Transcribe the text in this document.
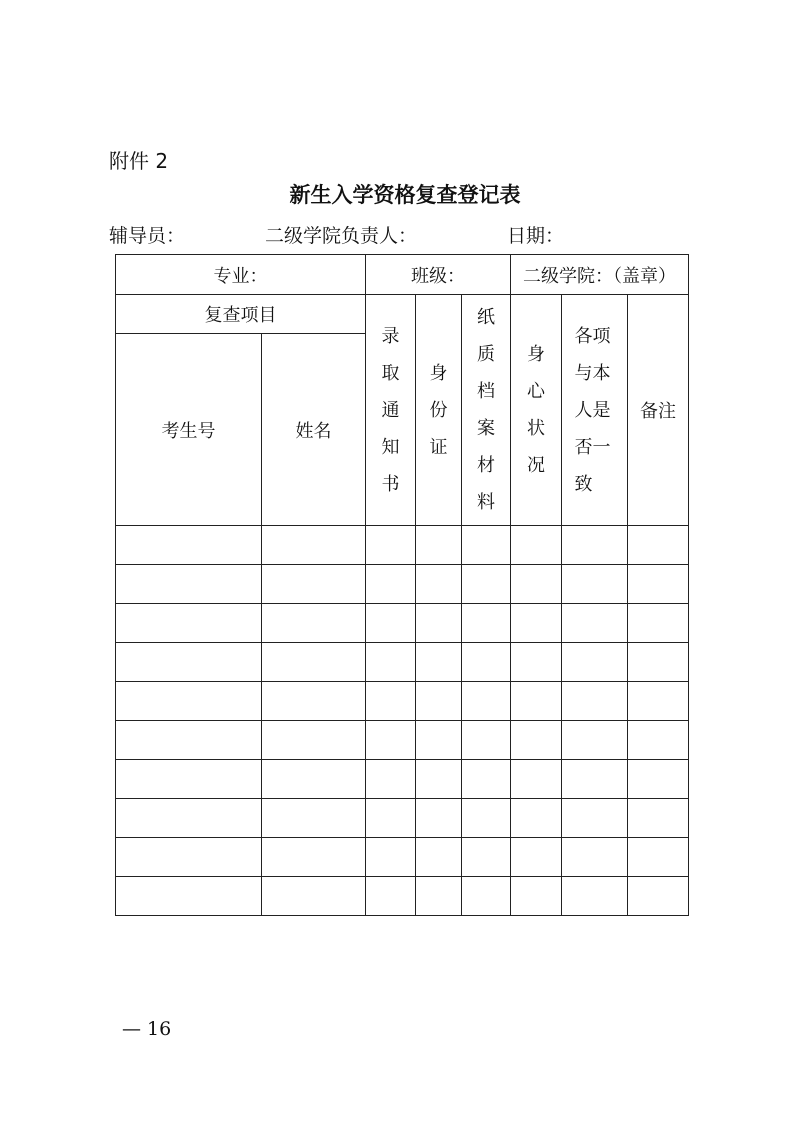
附件 2
新生入学资格复查登记表
辅导员：	二级学院负责人：	日期：
专业：		班级：			二级学院：（盖章）		
复查项目		录取通知书	身份证	纸质档案材料	身心状况	各项与本人是否一致	备注
考生号	姓名						

— 16
